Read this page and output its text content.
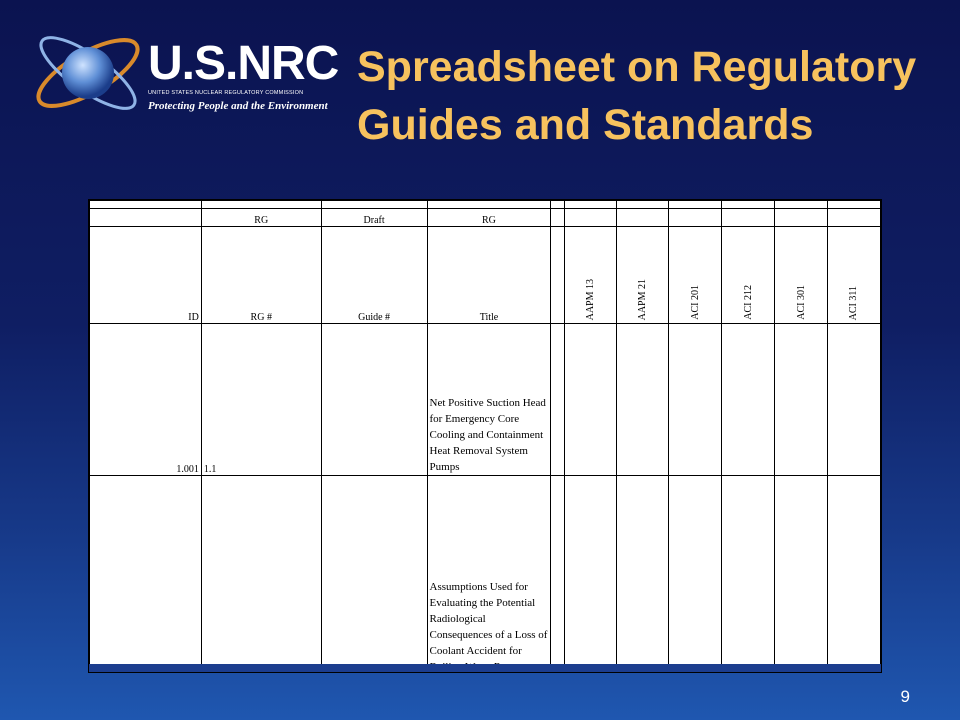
U.S.NRC
UNITED STATES NUCLEAR REGULATORY COMMISSION
Protecting People and the Environment
Spreadsheet on Regulatory Guides and Standards

	RG	Draft	RG							
ID	RG #	Guide #	Title		AAPM 13	AAPM 21	ACI 201	ACI 212	ACI 301	ACI 311
1.001	1.1		Net Positive Suction Head for Emergency Core Cooling and Containment Heat Removal System Pumps							
			Assumptions Used for Evaluating the Potential Radiological Consequences of a Loss of Coolant Accident for							
9
